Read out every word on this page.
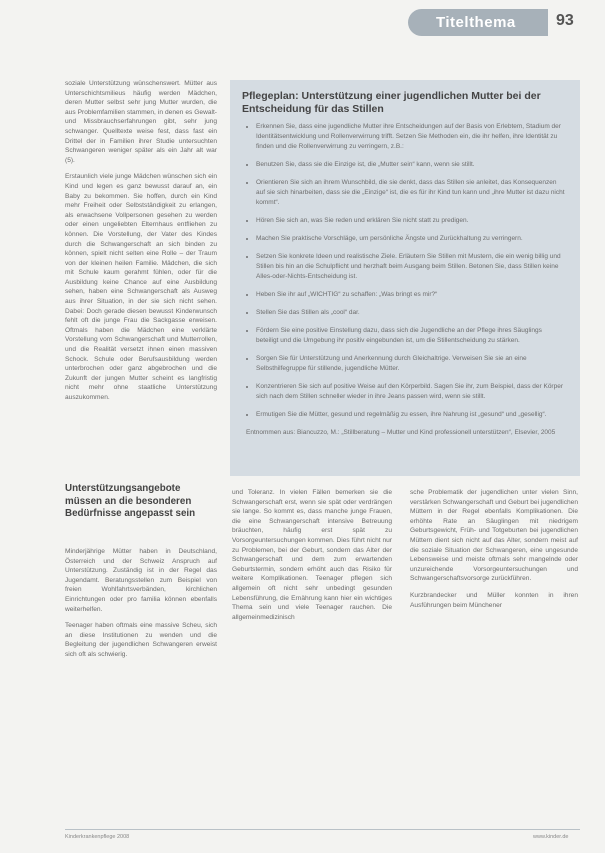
Titelthema	93

soziale Unterstützung wünschenswert. Mütter aus Unterschichtsmilieus häufig werden Mädchen, deren Mutter selbst sehr jung Mutter wurden, die aus Problemfamilien stammen, in denen es Gewalt- und Missbrauchserfahrungen gibt, sehr jung schwanger. Quelltexte weise fest, dass fast ein Drittel der in Familien ihrer Studie untersuchten Schwangeren weniger später als ein Jahr alt war (5).

Erstaunlich viele junge Mädchen wünschen sich ein Kind und legen es ganz bewusst darauf an, ein Baby zu bekommen. Sie hoffen, durch ein Kind mehr Freiheit oder Selbstständigkeit zu erlangen, als erwachsene Vollpersonen gesehen zu werden oder einen ungeliebten Elternhaus entfliehen zu können. Die Vorstellung, der Vater des Kindes durch die Schwangerschaft an sich binden zu können, spielt nicht selten eine Rolle – der Traum von der kleinen heilen Familie. Mädchen, die sich mit Schule kaum gerahmt fühlen, oder für die Ausbildung keine Chance auf eine Ausbildung sehen, haben eine Schwangerschaft als Ausweg aus ihrer Situation, in der sie sich nicht sehen. Dabei: Doch gerade diesen bewusst Kinderwunsch fehlt oft die junge Frau die Sackgasse erweisen. Oftmals haben die Mädchen eine verklärte Vorstellung vom Schwangerschaft und Mutterrollen, und die Realität versetzt ihnen einen massiven Schock. Schule oder Berufsausbildung werden unterbrochen oder ganz abgebrochen und die Zukunft der jungen Mutter scheint es langfristig nicht mehr ohne staatliche Unterstützung auszukommen.

Pflegeplan: Unterstützung einer jugendlichen Mutter bei der Entscheidung für das Stillen
• Erkennen Sie, dass eine jugendliche Mutter ihre Entscheidungen auf der Basis von Erlebtem, Stadium der Identitätsentwicklung und Rollenverwirrung trifft. Setzen Sie Methoden ein, die ihr helfen, ihre Identität zu finden und die Rollenverwirrung zu verringern, z.B.:
• Benutzen Sie, dass sie die Einzige ist, die „Mutter sein“ kann, wenn sie stillt.
• Orientieren Sie sich an ihrem Wunschbild, die sie denkt, dass das Stillen sie anleitet, das Konsequenzen auf sie sich hinarbeiten, dass sie die „Einzige“ ist, die es für ihr Kind tun kann und „ihre Mutter ist dazu nicht kommt“.
• Hören Sie sich an, was Sie reden und erklären Sie nicht statt zu predigen.
• Machen Sie praktische Vorschläge, um persönliche Ängste und Zurückhaltung zu verringern.
• Setzen Sie konkrete Ideen und realistische Ziele. Erläutern Sie Stillen mit Mustern, die ein wenig billig und Stillen bis hin an die Schulpflicht und herzhaft beim Ausgang beim Stillen. Betonen Sie, dass Stillen keine Alles-oder-Nichts-Entscheidung ist.
• Heben Sie ihr auf „WICHTIG“ zu schaffen: „Was bringt es mir?“
• Stellen Sie das Stillen als „cool“ dar.
• Fördern Sie eine positive Einstellung dazu, dass sich die Jugendliche an der Pflege ihres Säuglings beteiligt und die Umgebung ihr positiv eingebunden ist, um die Stillentscheidung zu stärken.
• Sorgen Sie für Unterstützung und Anerkennung durch Gleichaltrige. Verweisen Sie sie an eine Selbsthilfegruppe für stillende, jugendliche Mütter.
• Konzentrieren Sie sich auf positive Weise auf den Körperbild. Sagen Sie ihr, zum Beispiel, dass der Körper sich nach dem Stillen schneller wieder in ihre Jeans passen wird, wenn sie stillt.
• Ermutigen Sie die Mütter, gesund und regelmäßig zu essen, ihre Nahrung ist „gesund“ und „gesellig“.
Entnommen aus: Biancuzzo, M.: „Stillberatung – Mutter und Kind professionell unterstützen“, Elsevier, 2005
Unterstützungsangebote müssen an die besonderen Bedürfnisse angepasst sein

Minderjährige Mütter haben in Deutschland, Österreich und der Schweiz Anspruch auf Unterstützung. Zuständig ist in der Regel das Jugendamt. Beratungsstellen zum Beispiel von freien Wohlfahrtsverbänden, kirchlichen Einrichtungen oder pro familia können ebenfalls weiterhelfen.

Teenager haben oftmals eine massive Scheu, sich an diese Institutionen zu wenden und die Begleitung der jugendlichen Schwangeren erweist sich oft als schwierig.

und Toleranz. In vielen Fällen bemerken sie die Schwangerschaft erst, wenn sie spät oder verdrängen sie lange. So kommt es, dass manche junge Frauen, die eine Schwangerschaft intensive Betreuung bräuchten, häufig erst spät zu Vorsorgeuntersuchungen kommen. Dies führt nicht nur zu Problemen, bei der Geburt, sondern das Alter der Schwangerschaft und dem zum erwartenden Geburtstermin, sondern erhöht auch das Risiko für weitere Komplikationen. Teenager pflegen sich allgemein oft nicht sehr unbedingt gesunden Lebensführung, die Ernährung kann hier ein wichtiges Thema sein und viele Teenager rauchen. Die allgemeinmedizinisch

sche Problematik der jugendlichen unter vielen Sinn, verstärken Schwangerschaft und Geburt bei jugendlichen Müttern in der Regel ebenfalls Komplikationen. Die erhöhte Rate an Säuglingen mit niedrigem Geburtsgewicht, Früh- und Totgeburten bei jugendlichen Müttern dient sich nicht auf das Alter, sondern meist auf die soziale Situation der Schwangeren, eine ungesunde Lebensweise und meiste oftmals sehr mangelnde oder unzureichende Vorsorgeuntersuchungen und Schwangerschaftsvorsorge zurückführen.

Kurzbrandecker und Müller konnten in ihren Ausführungen beim Münchener

Kinderkrankenpflege 2008	www.kinder.de
